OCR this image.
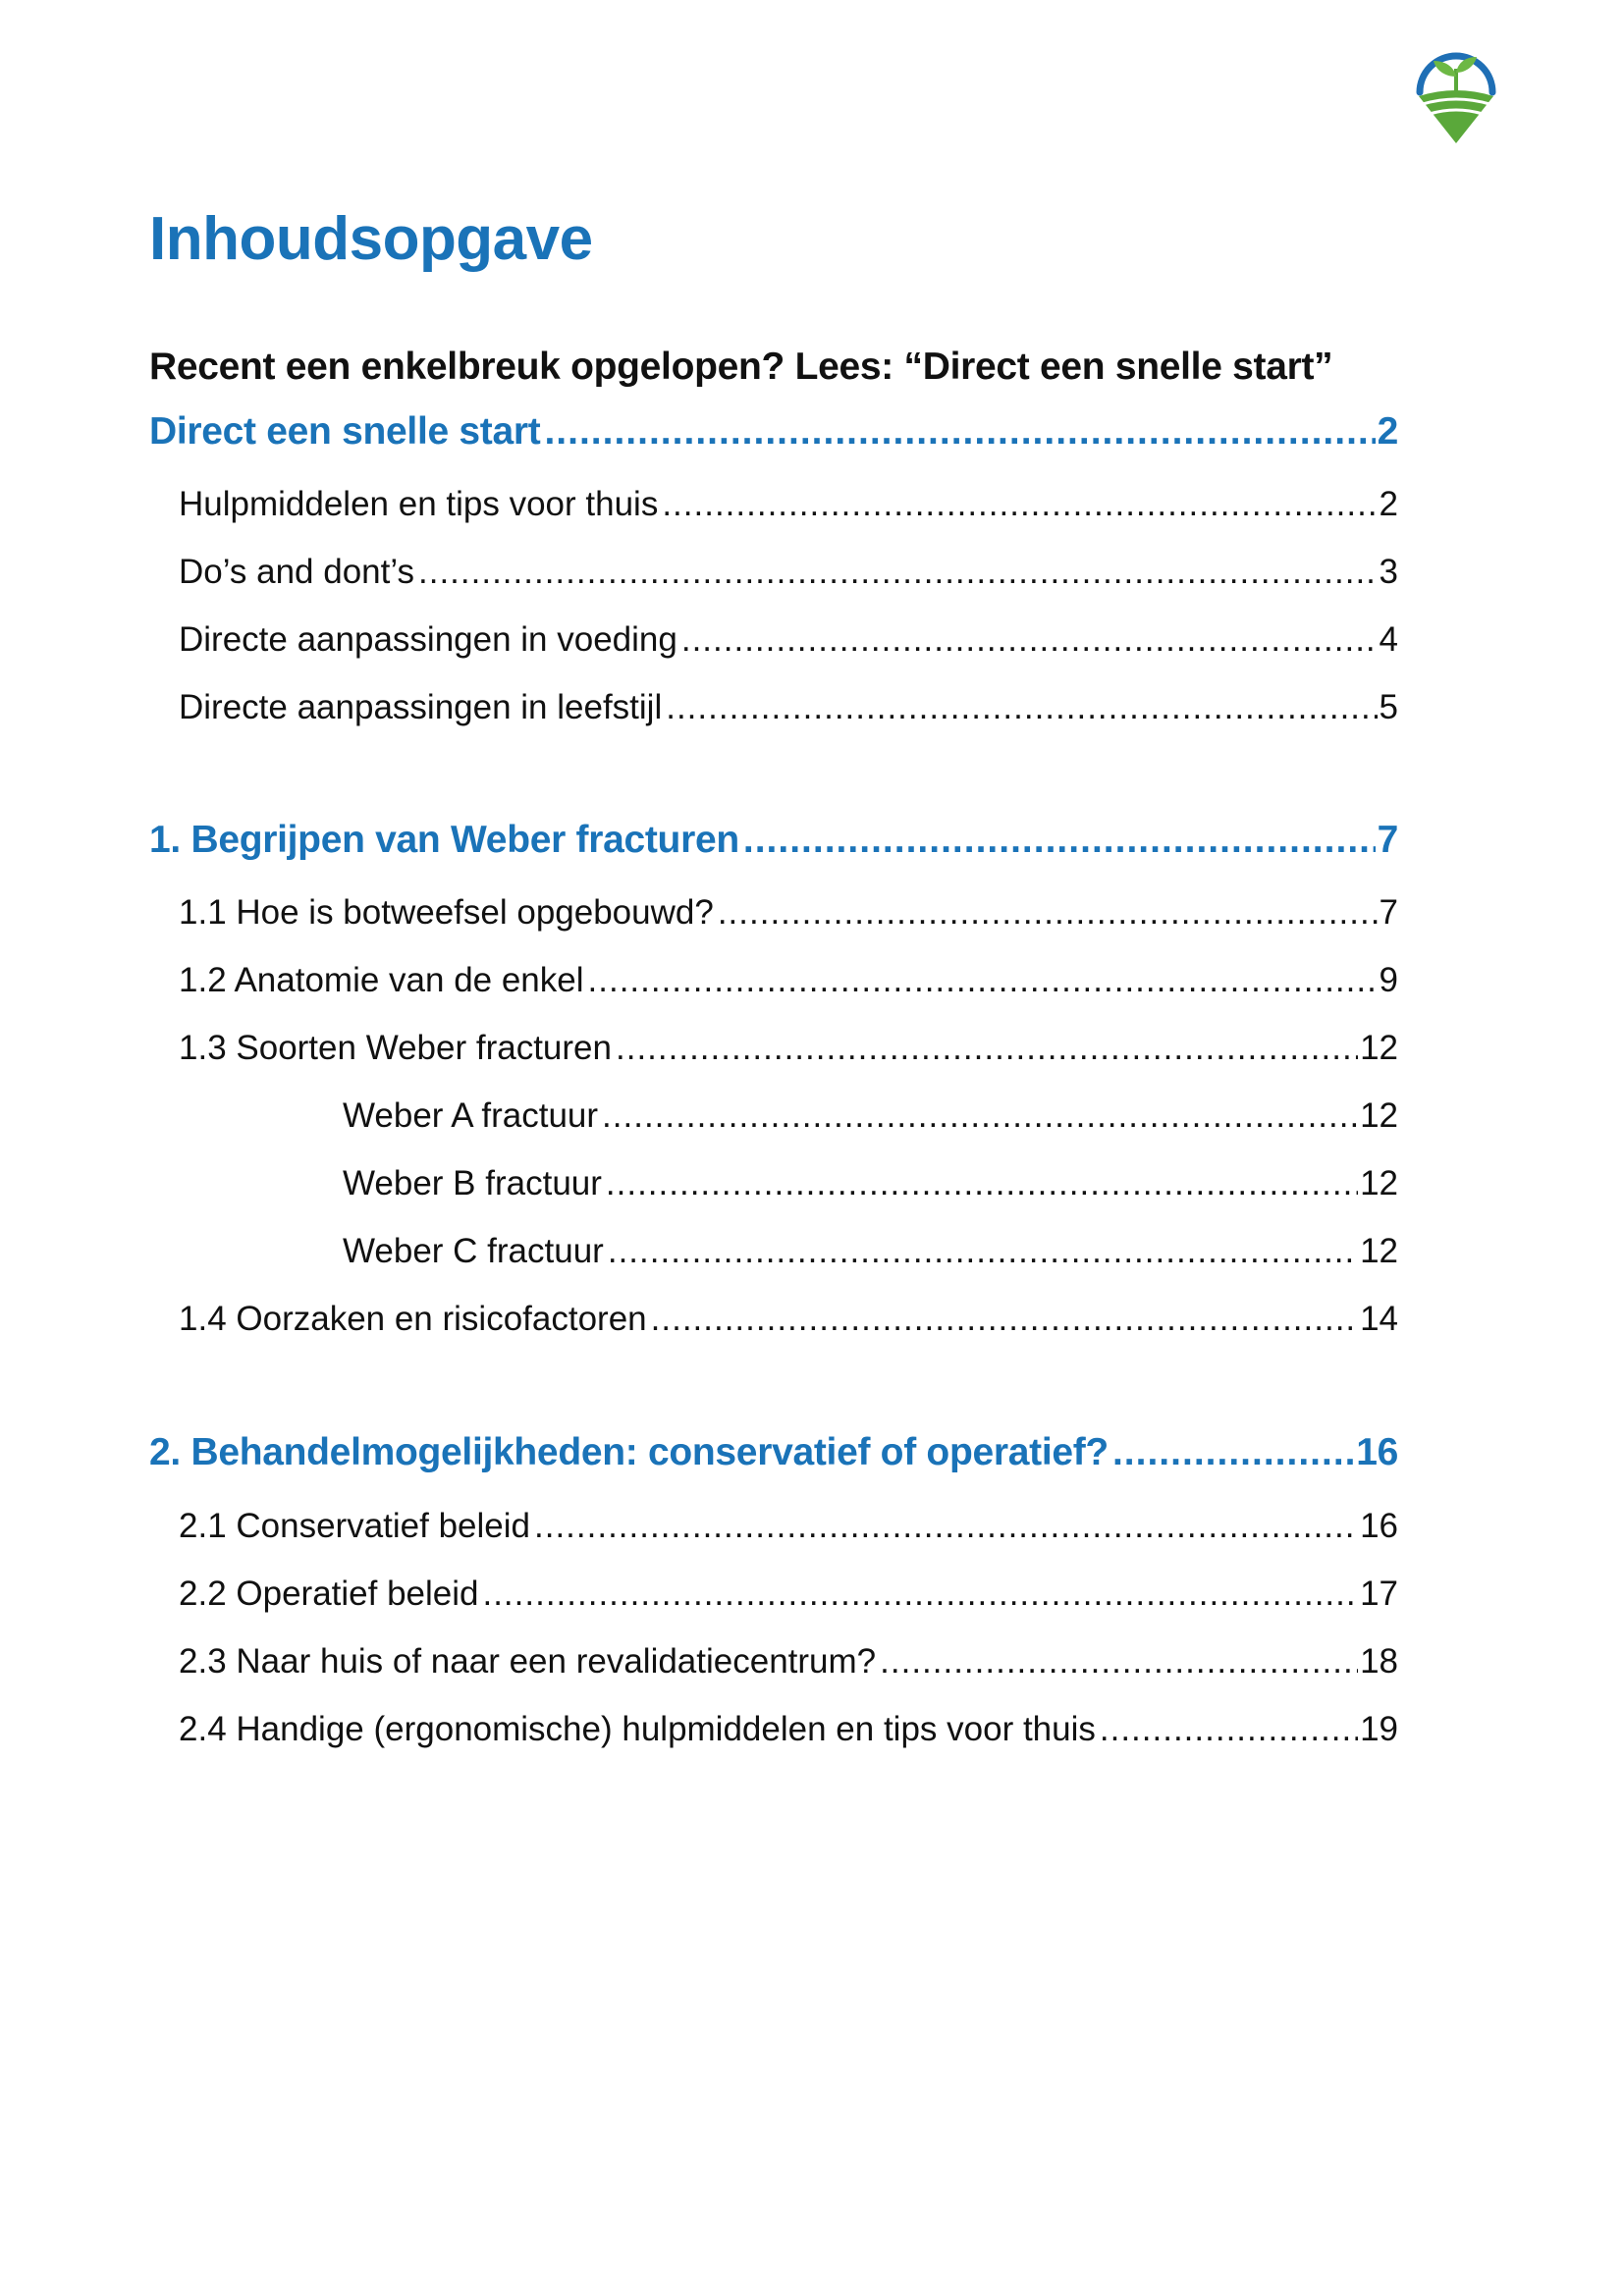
Inhoudsopgave
Recent een enkelbreuk opgelopen? Lees: “Direct een snelle start”
Direct een snelle start .....	2
Hulpmiddelen en tips voor thuis .....	2
Do’s and dont’s .....	3
Directe aanpassingen in voeding .....	4
Directe aanpassingen in leefstijl .....	5
1. Begrijpen van Weber fracturen .....	7
1.1 Hoe is botweefsel opgebouwd? .....	7
1.2 Anatomie van de enkel .....	9
1.3 Soorten Weber fracturen .....	12
Weber A fractuur .....	12
Weber B fractuur .....	12
Weber C fractuur .....	12
1.4 Oorzaken en risicofactoren .....	14
2. Behandelmogelijkheden: conservatief of operatief? .....	16
2.1 Conservatief beleid .....	16
2.2 Operatief beleid .....	17
2.3 Naar huis of naar een revalidatiecentrum? .....	18
2.4 Handige (ergonomische) hulpmiddelen en tips voor thuis .....	19
